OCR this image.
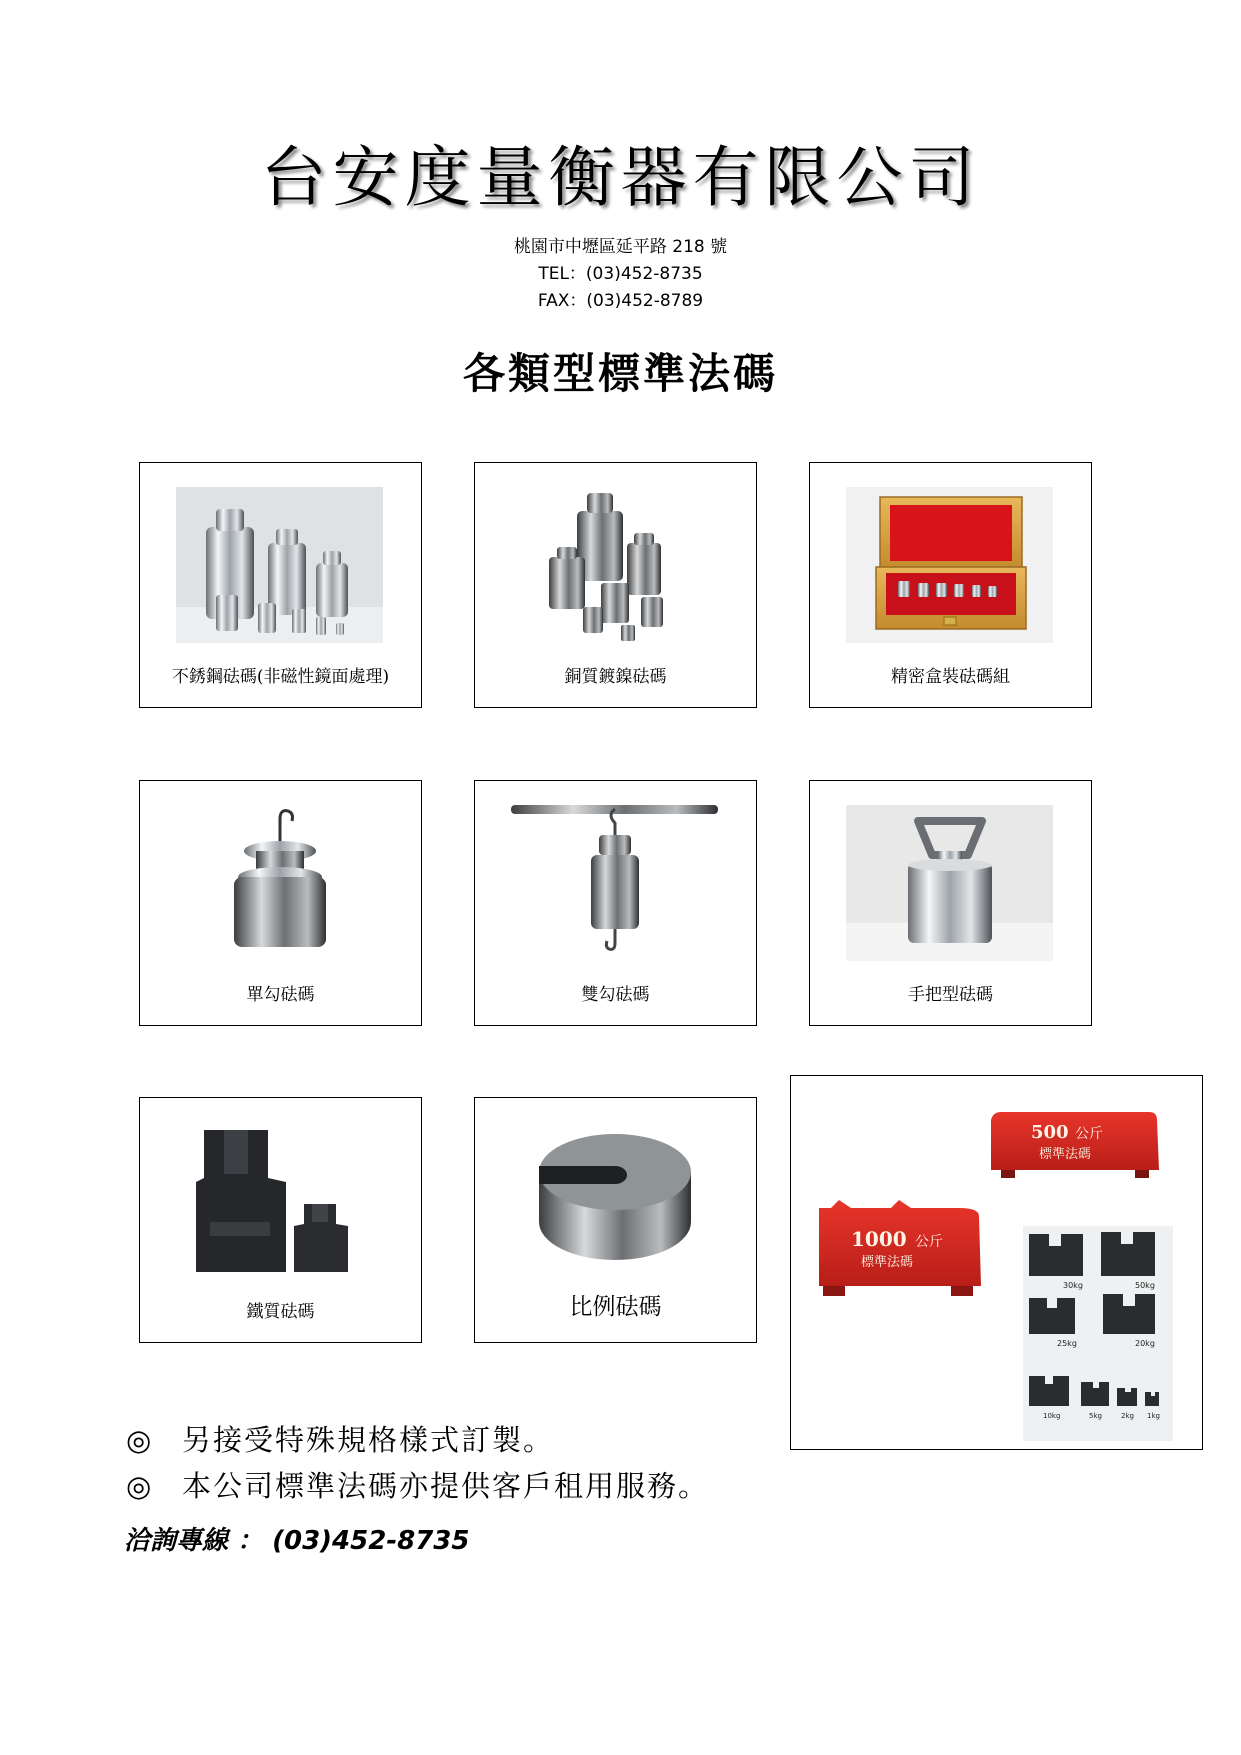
台安度量衡器有限公司
桃園市中壢區延平路 218 號
TEL：(03)452-8735
FAX：(03)452-8789
各類型標準法碼
不銹鋼砝碼(非磁性鏡面處理)	銅質鍍鎳砝碼	精密盒裝砝碼組
單勾砝碼	雙勾砝碼	手把型砝碼
鐵質砝碼	比例砝碼
500 公斤
標準法碼
1000 公斤
標準法碼
30kg	50kg
25kg	20kg
10kg	5kg	2kg 1kg
◎ 另接受特殊規格樣式訂製。
◎ 本公司標準法碼亦提供客戶租用服務。
洽詢專線 ： (03)452-8735
